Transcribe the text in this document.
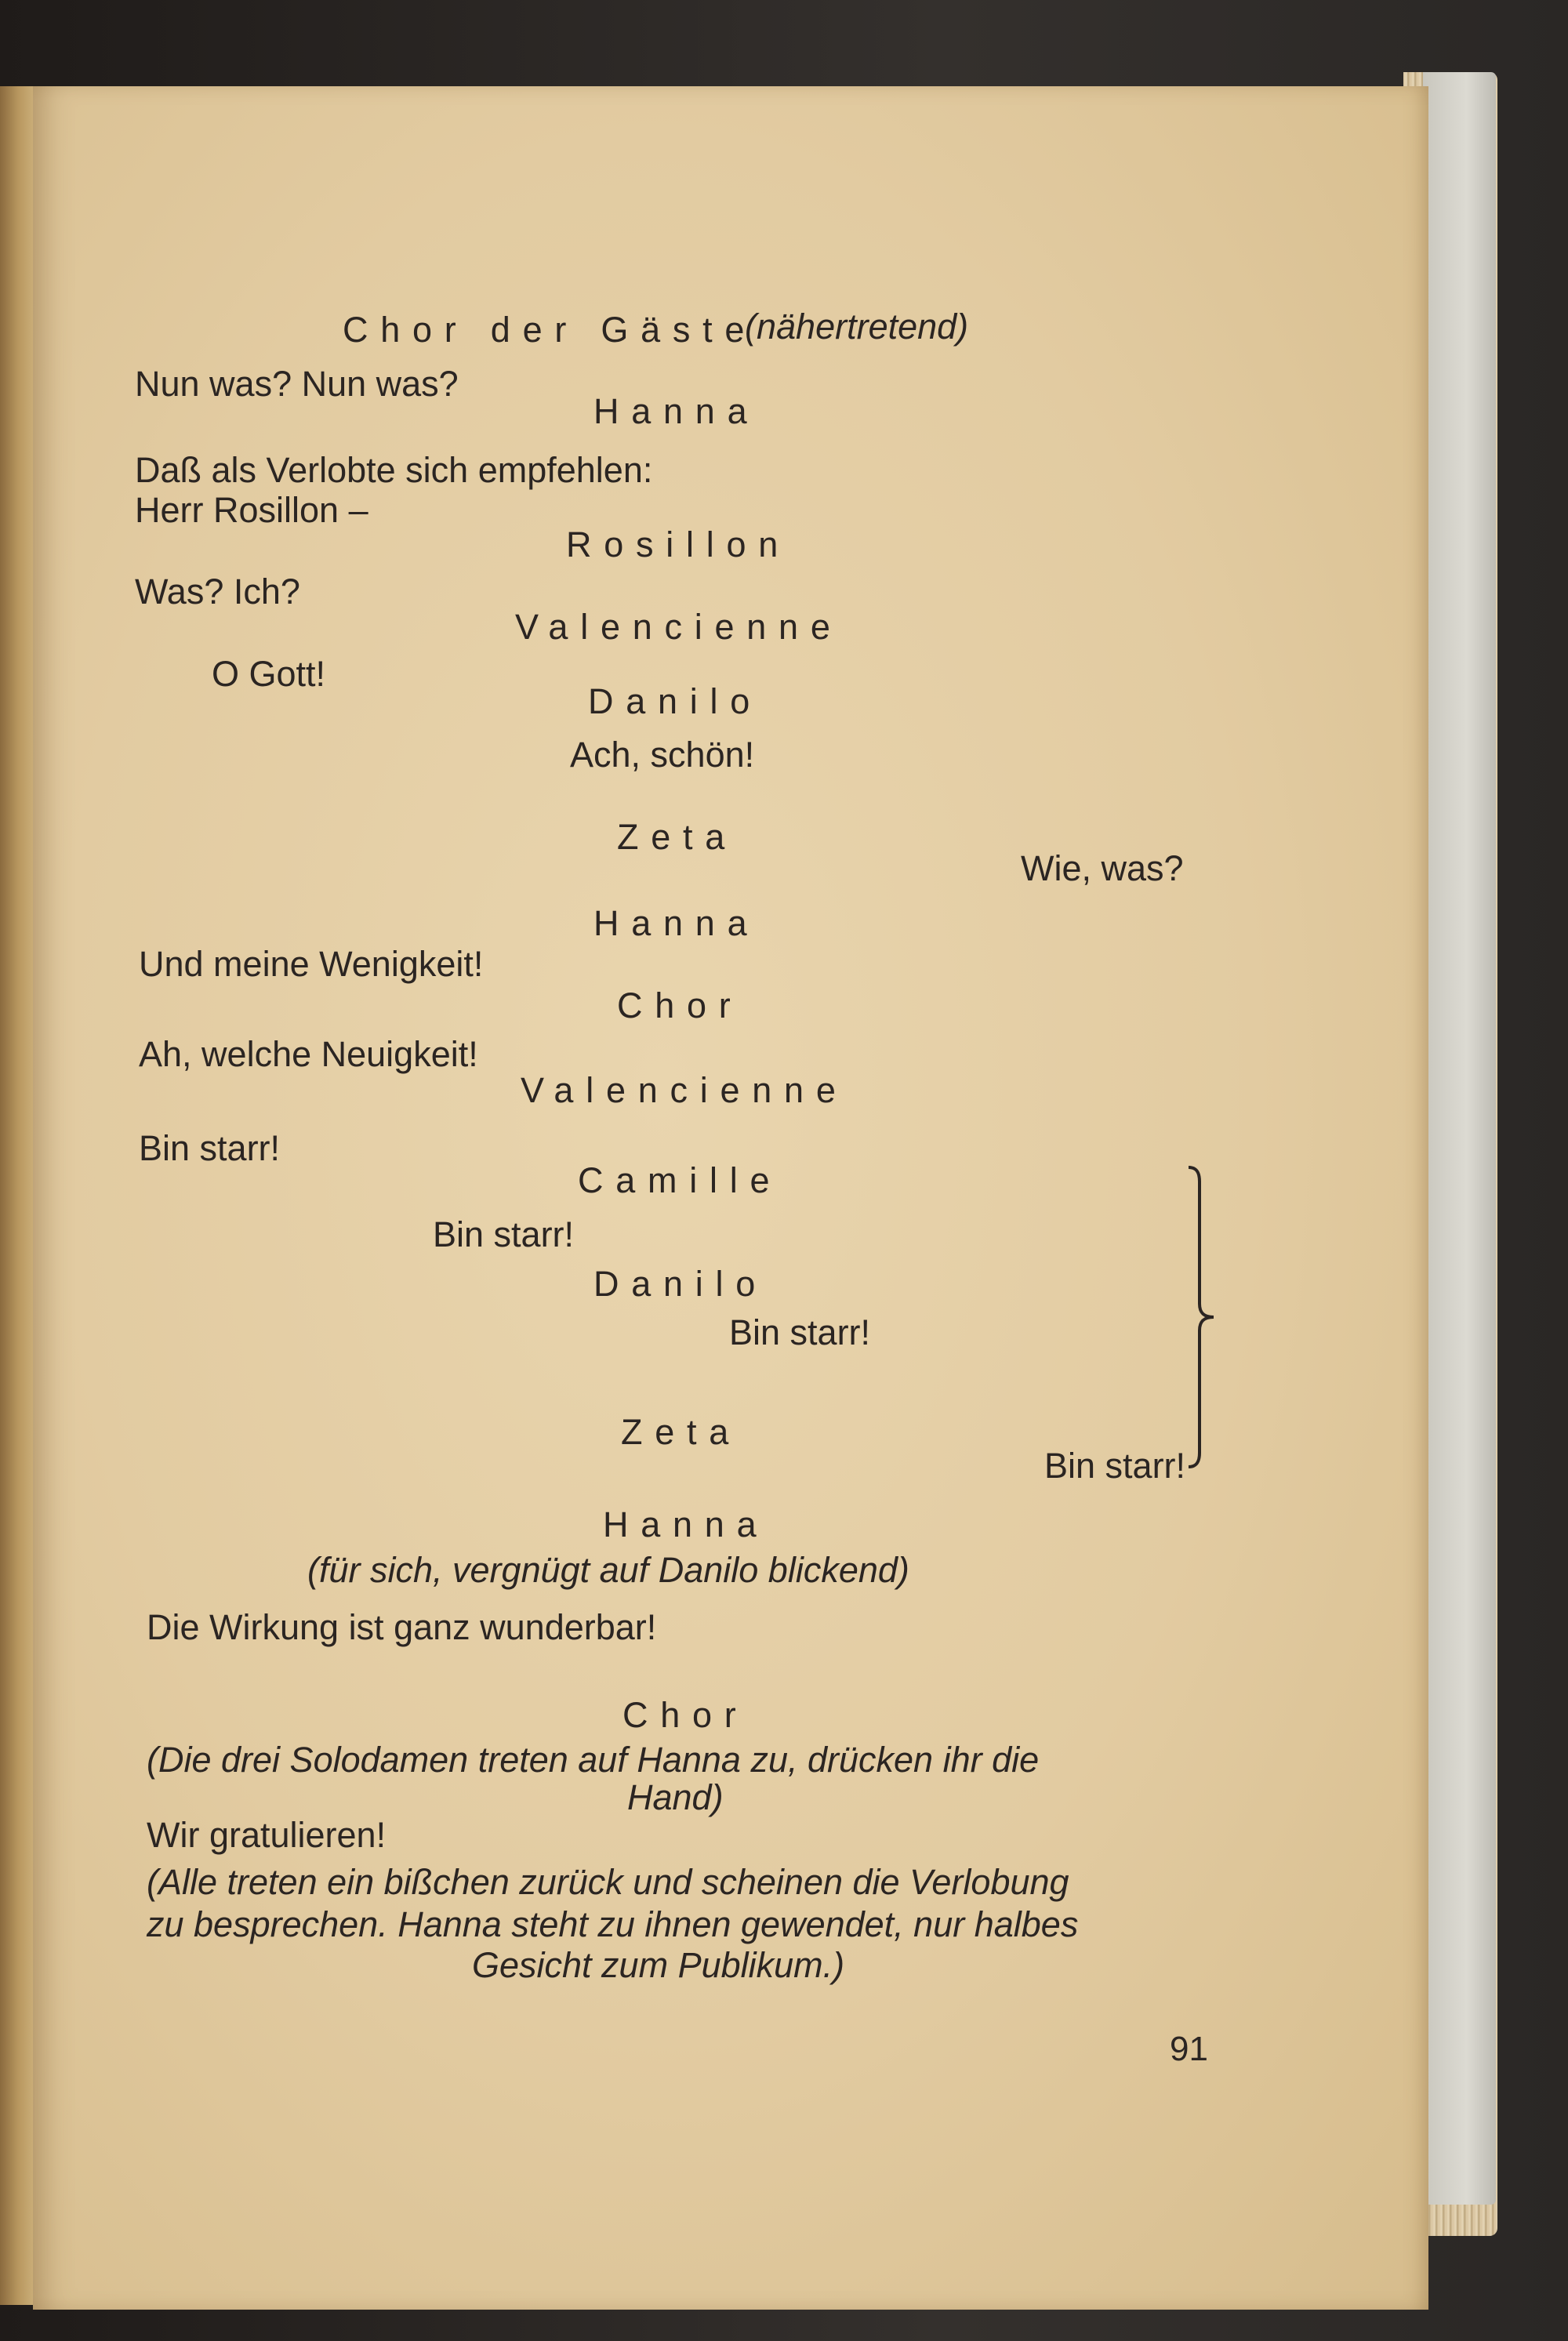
Chor der Gäste
(nähertretend)
Nun was? Nun was?
Hanna
Daß als Verlobte sich empfehlen:
Herr Rosillon –
Rosillon
Was? Ich?
Valencienne
O Gott!
Danilo
Ach, schön!
Zeta
Wie, was?
Hanna
Und meine Wenigkeit!
Chor
Ah, welche Neuigkeit!
Valencienne
Bin starr!
Camille
Bin starr!
Danilo
Bin starr!
Zeta
Bin starr!
Hanna
(für sich, vergnügt auf Danilo blickend)
Die Wirkung ist ganz wunderbar!
Chor
(Die drei Solodamen treten auf Hanna zu, drücken ihr die
Hand)
Wir gratulieren!
(Alle treten ein bißchen zurück und scheinen die Verlobung
zu besprechen. Hanna steht zu ihnen gewendet, nur halbes
Gesicht zum Publikum.)
91
